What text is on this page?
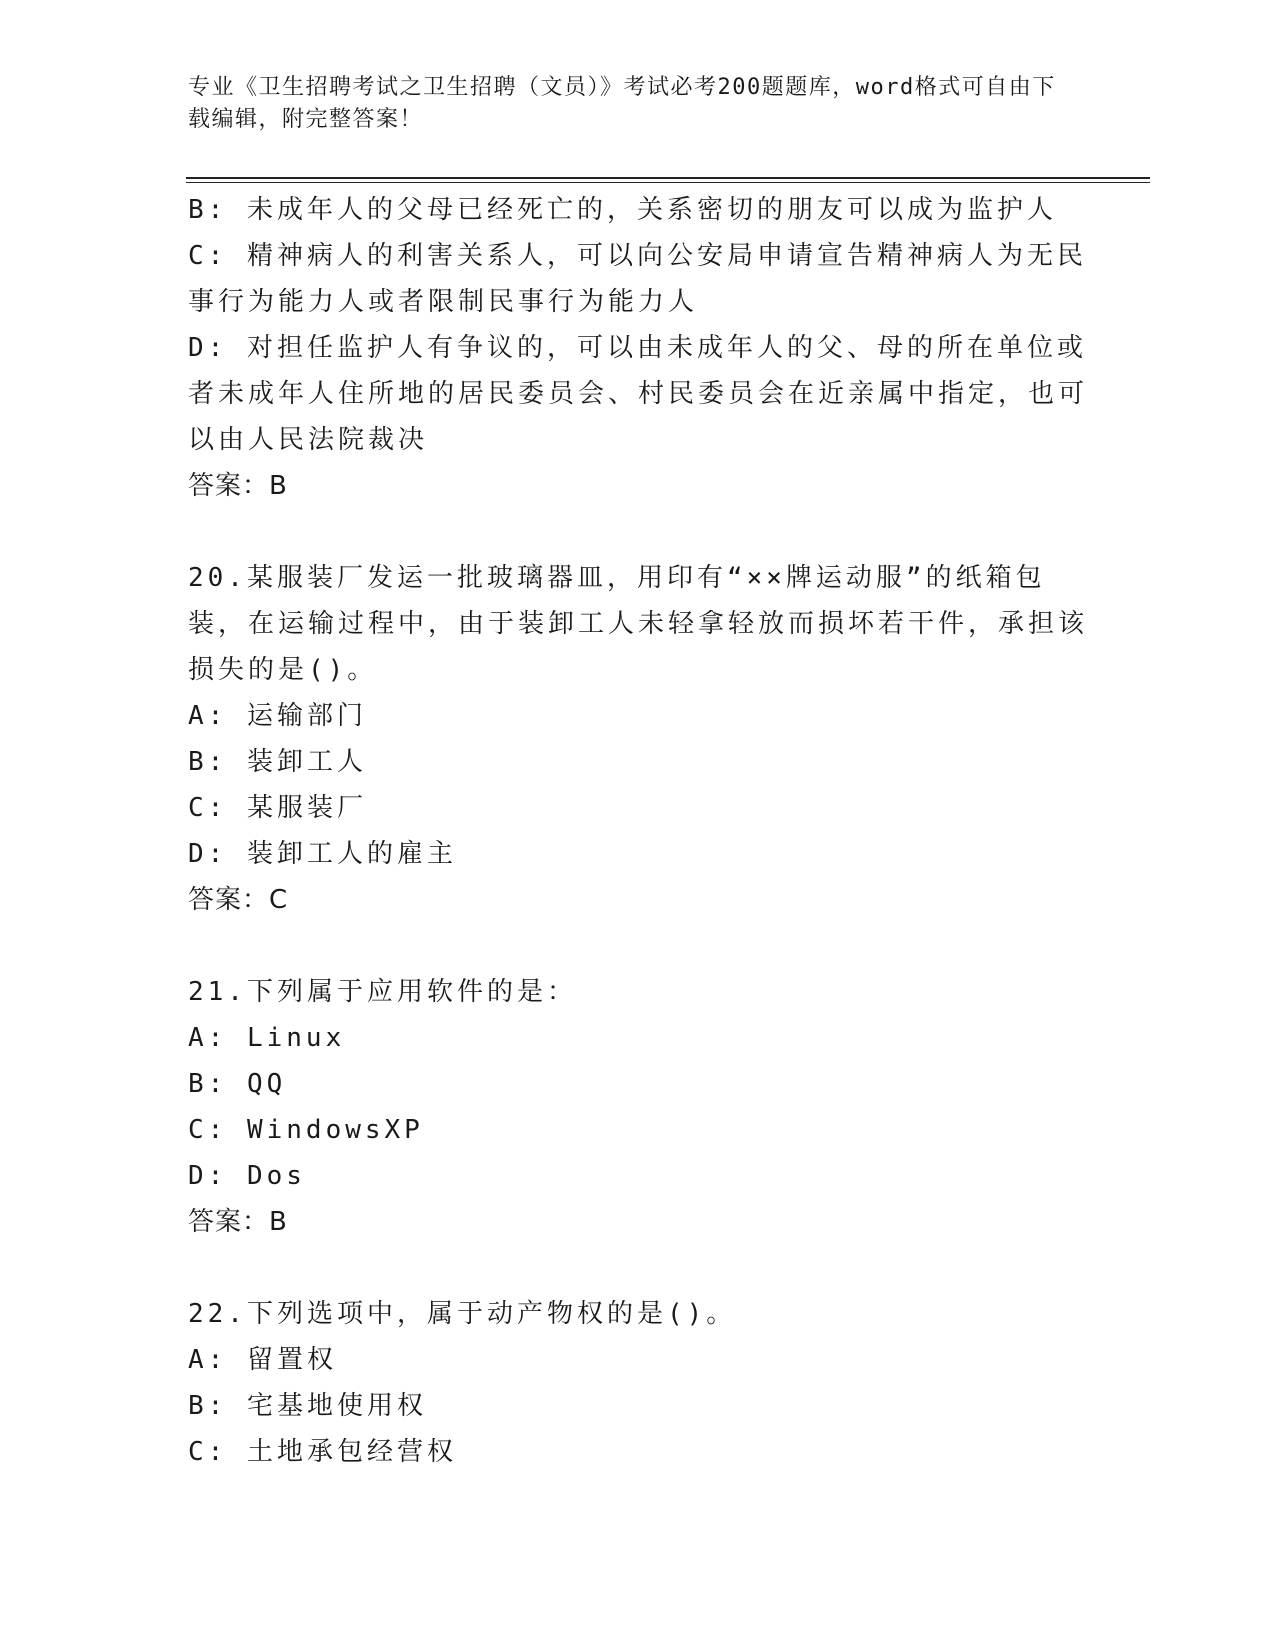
专业《卫生招聘考试之卫生招聘（文员）》考试必考200题题库，word格式可自由下载编辑，附完整答案！
B: 未成年人的父母已经死亡的，关系密切的朋友可以成为监护人
C: 精神病人的利害关系人，可以向公安局申请宣告精神病人为无民事行为能力人或者限制民事行为能力人
D: 对担任监护人有争议的，可以由未成年人的父、母的所在单位或者未成年人住所地的居民委员会、村民委员会在近亲属中指定，也可以由人民法院裁决
答案：B
20.某服装厂发运一批玻璃器皿，用印有“××牌运动服”的纸箱包装，在运输过程中，由于装卸工人未轻拿轻放而损坏若干件，承担该损失的是()。
A: 运输部门
B: 装卸工人
C: 某服装厂
D: 装卸工人的雇主
答案：C
21.下列属于应用软件的是：
A: Linux
B: QQ
C: WindowsXP
D: Dos
答案：B
22.下列选项中，属于动产物权的是()。
A: 留置权
B: 宅基地使用权
C: 土地承包经营权
